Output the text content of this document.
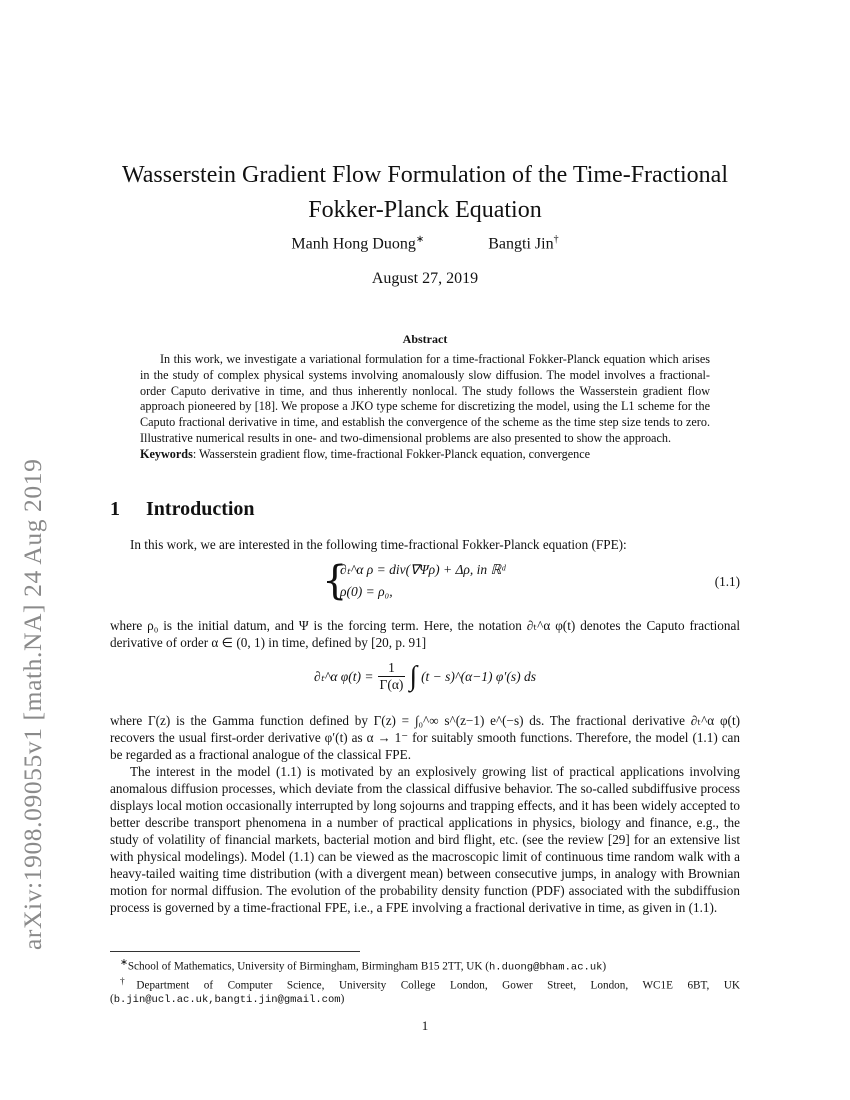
arXiv:1908.09055v1 [math.NA] 24 Aug 2019
Wasserstein Gradient Flow Formulation of the Time-Fractional
Fokker-Planck Equation
Manh Hong Duong∗	Bangti Jin†
August 27, 2019
Abstract

In this work, we investigate a variational formulation for a time-fractional Fokker-Planck equation which arises in the study of complex physical systems involving anomalously slow diffusion. The model involves a fractional-order Caputo derivative in time, and thus inherently nonlocal. The study follows the Wasserstein gradient flow approach pioneered by [18]. We propose a JKO type scheme for discretizing the model, using the L1 scheme for the Caputo fractional derivative in time, and establish the convergence of the scheme as the time step size tends to zero. Illustrative numerical results in one- and two-dimensional problems are also presented to show the approach.

Keywords: Wasserstein gradient flow, time-fractional Fokker-Planck equation, convergence

1 Introduction

In this work, we are interested in the following time-fractional Fokker-Planck equation (FPE):

{
∂ₜ^α ρ = div(∇Ψρ) + Δρ, in ℝᵈ
ρ(0) = ρ₀,
(1.1)

where ρ₀ is the initial datum, and Ψ is the forcing term. Here, the notation ∂ₜ^α φ(t) denotes the Caputo fractional derivative of order α ∈ (0, 1) in time, defined by [20, p. 91]

∂ₜ^α $\varphi(t) = \frac{1}{\Gamma(\alpha)}$ ∫ (t − s)^(α−1) φ′(s) ds

where Γ(z) is the Gamma function defined by Γ(z) = ∫₀^∞ s^(z−1) e^(−s) ds. The fractional derivative ∂ₜ^α φ(t) recovers the usual first-order derivative φ′(t) as α → 1⁻ for suitably smooth functions. Therefore, the model (1.1) can be regarded as a fractional analogue of the classical FPE.

The interest in the model (1.1) is motivated by an explosively growing list of practical applications involving anomalous diffusion processes, which deviate from the classical diffusive behavior. The so-called subdiffusive process displays local motion occasionally interrupted by long sojourns and trapping effects, and it has been widely accepted to better describe transport phenomena in a number of practical applications in physics, biology and finance, e.g., the study of volatility of financial markets, bacterial motion and bird flight, etc. (see the review [29] for an extensive list with physical modelings). Model (1.1) can be viewed as the macroscopic limit of continuous time random walk with a heavy-tailed waiting time distribution (with a divergent mean) between consecutive jumps, in analogy with Brownian motion for normal diffusion. The evolution of the probability density function (PDF) associated with the subdiffusion process is governed by a time-fractional FPE, i.e., a FPE involving a fractional derivative in time, as given in (1.1).

∗School of Mathematics, University of Birmingham, Birmingham B15 2TT, UK (h.duong@bham.ac.uk)

†Department of Computer Science, University College London, Gower Street, London, WC1E 6BT, UK (b.jin@ucl.ac.uk,bangti.jin@gmail.com)

1
